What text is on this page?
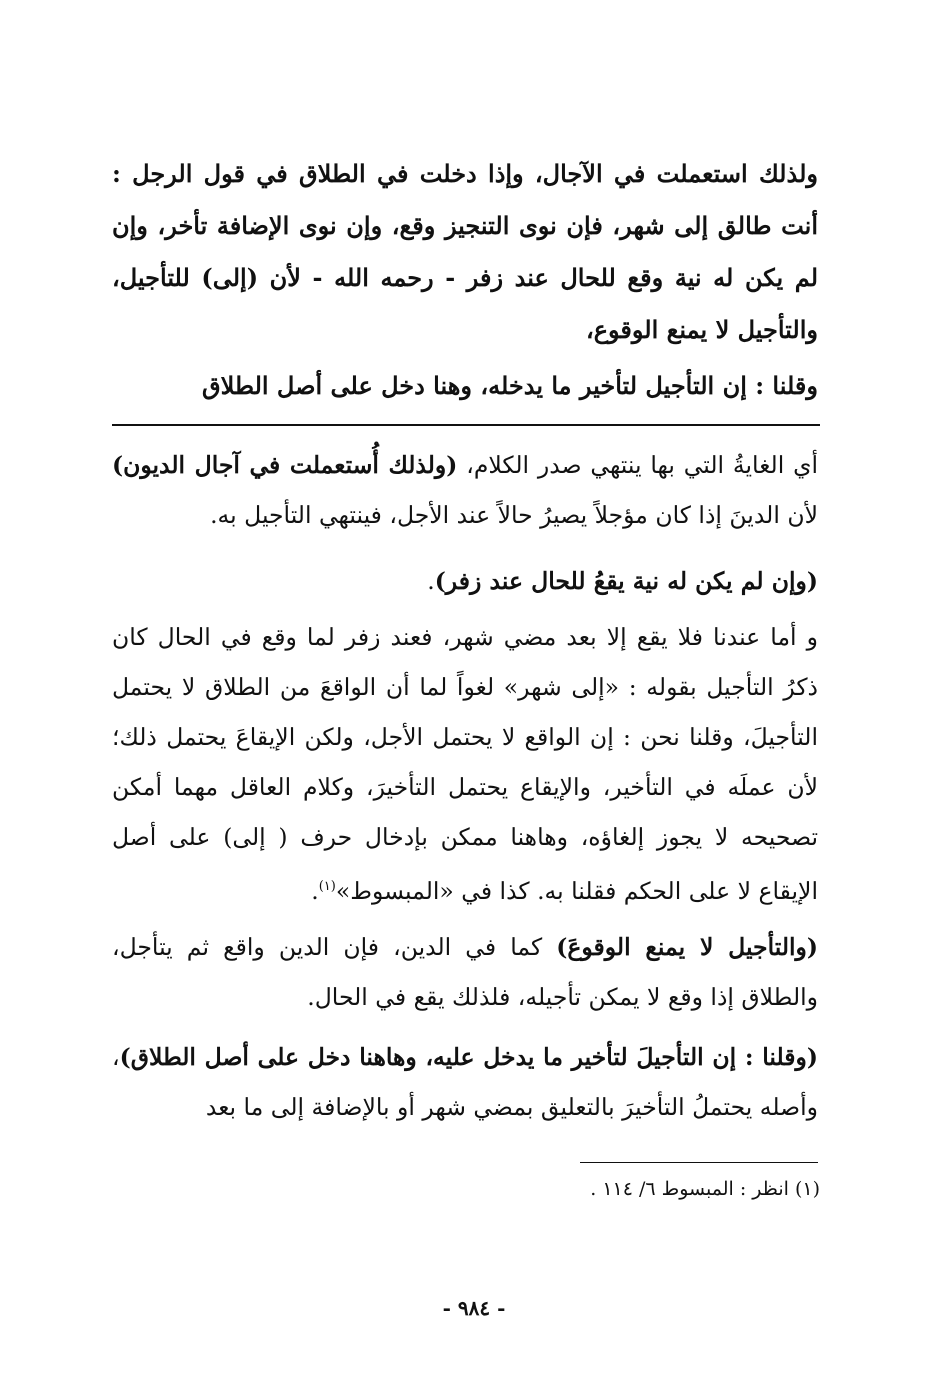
ولذلك استعملت في الآجال، وإذا دخلت في الطلاق في قول الرجل : أنت طالق إلى شهر، فإن نوى التنجيز وقع، وإن نوى الإضافة تأخر، وإن لم يكن له نية وقع للحال عند زفر - رحمه الله - لأن (إلى) للتأجيل، والتأجيل لا يمنع الوقوع،
وقلنا : إن التأجيل لتأخير ما يدخله، وهنا دخل على أصل الطلاق
أي الغايةُ التي بها ينتهي صدر الكلام، (ولذلك أُستعملت في آجال الديون) لأن الدينَ إذا كان مؤجلاً يصيرُ حالاً عند الأجل، فينتهي التأجيل به.
(وإن لم يكن له نية يقعُ للحال عند زفر).
و أما عندنا فلا يقع إلا بعد مضي شهر، فعند زفر لما وقع في الحال كان ذكرُ التأجيل بقوله : «إلى شهر» لغواً لما أن الواقعَ من الطلاق لا يحتمل التأجيلَ، وقلنا نحن : إن الواقع لا يحتمل الأجل، ولكن الإيقاعَ يحتمل ذلك؛ لأن عملَه في التأخير، والإيقاع يحتمل التأخيرَ، وكلام العاقل مهما أمكن تصحيحه لا يجوز إلغاؤه، وهاهنا ممكن بإدخال حرف ( إلى) على أصل الإيقاع لا على الحكم فقلنا به. كذا في «المبسوط»$^{(١)}$.
(والتأجيل لا يمنع الوقوعَ) كما في الدين، فإن الدين واقع ثم يتأجل، والطلاق إذا وقع لا يمكن تأجيله، فلذلك يقع في الحال.
(وقلنا : إن التأجيلَ لتأخير ما يدخل عليه، وهاهنا دخل على أصل الطلاق)، وأصله يحتملُ التأخيرَ بالتعليق بمضي شهر أو بالإضافة إلى ما بعد
(١) انظر : المبسوط ٦/ ١١٤ .
- ٩٨٤ -
